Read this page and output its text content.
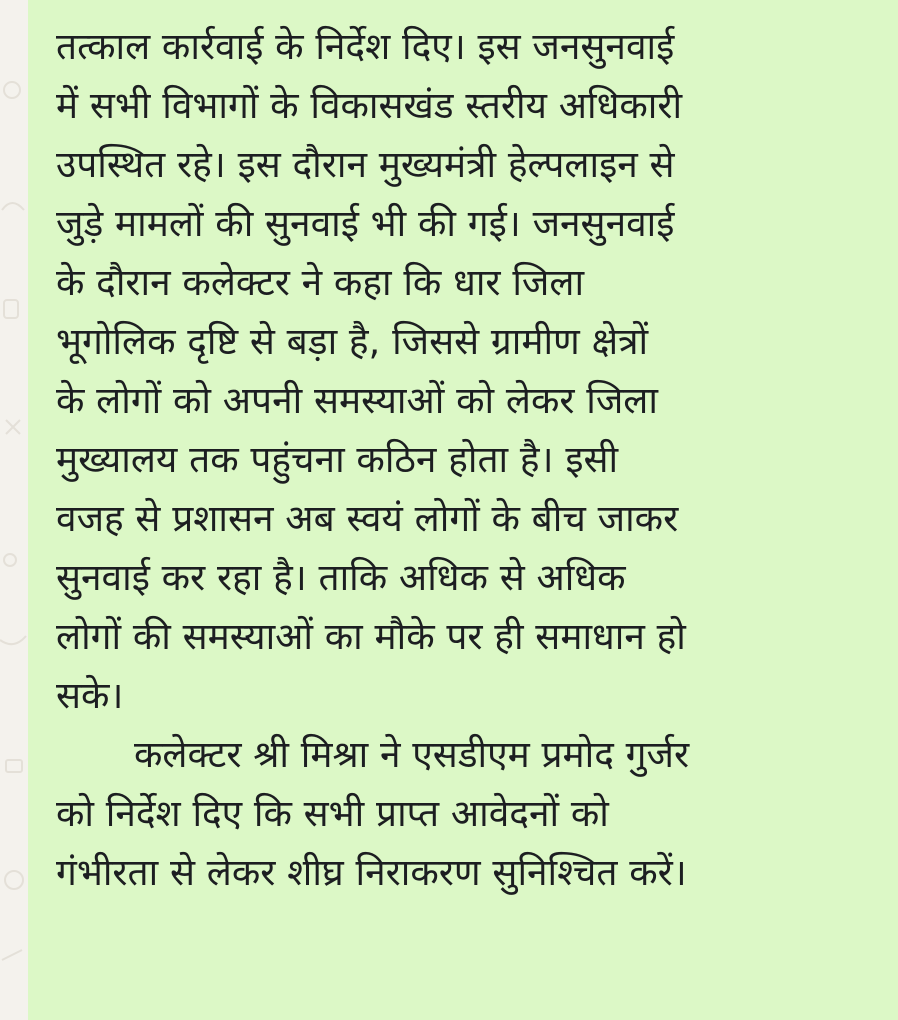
तत्काल कार्रवाई के निर्देश दिए। इस जनसुनवाई
में सभी विभागों के विकासखंड स्तरीय अधिकारी
उपस्थित रहे। इस दौरान मुख्यमंत्री हेल्पलाइन से
जुड़े मामलों की सुनवाई भी की गई। जनसुनवाई
के दौरान कलेक्टर ने कहा कि धार जिला
भूगोलिक दृष्टि से बड़ा है, जिससे ग्रामीण क्षेत्रों
के लोगों को अपनी समस्याओं को लेकर जिला
मुख्यालय तक पहुंचना कठिन होता है। इसी
वजह से प्रशासन अब स्वयं लोगों के बीच जाकर
सुनवाई कर रहा है। ताकि अधिक से अधिक
लोगों की समस्याओं का मौके पर ही समाधान हो
सके।
कलेक्टर श्री मिश्रा ने एसडीएम प्रमोद गुर्जर
को निर्देश दिए कि सभी प्राप्त आवेदनों को
गंभीरता से लेकर शीघ्र निराकरण सुनिश्चित करें।
